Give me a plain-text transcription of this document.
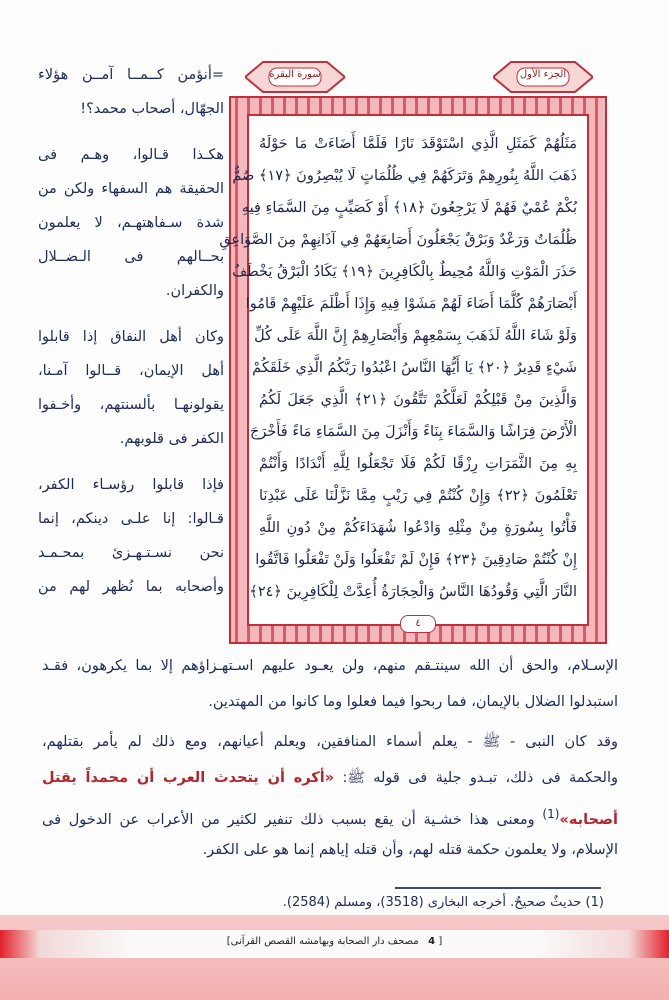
=أنؤمن كــمــا آمــن هؤلاء
الجهّال، أصحاب محمد؟!
هكـذا قـالوا، وهـم فى
الحقيقة هم السفهاء ولكن من
شدة سـفاهتهـم، لا يعلمون
بحــالهم فى الـضــلال
والكفران.
وكان أهل النفاق إذا قابلوا
أهل الإيمان، قــالوا آمـنا،
يقولونهـا بألسنتهم، وأخـفوا
الكفر فى قلوبهم.
فإذا قابلوا رؤسـاء الكفر،
قـالوا: إنا علـى دينكم، إنما
نحن نسـتـهـزئ بمحـمـد
وأصحابه بما نُظهر لهم من
سورة البقرة	الجزء الأول
مَثَلُهُمْ كَمَثَلِ الَّذِي اسْتَوْقَدَ نَارًا فَلَمَّا أَضَاءَتْ مَا حَوْلَهُ
ذَهَبَ اللَّهُ بِنُورِهِمْ وَتَرَكَهُمْ فِي ظُلُمَاتٍ لَا يُبْصِرُونَ ﴿١٧﴾ صُمٌّ
بُكْمٌ عُمْيٌ فَهُمْ لَا يَرْجِعُونَ ﴿١٨﴾ أَوْ كَصَيِّبٍ مِنَ السَّمَاءِ فِيهِ
ظُلُمَاتٌ وَرَعْدٌ وَبَرْقٌ يَجْعَلُونَ أَصَابِعَهُمْ فِي آذَانِهِمْ مِنَ الصَّوَاعِقِ
حَذَرَ الْمَوْتِ وَاللَّهُ مُحِيطٌ بِالْكَافِرِينَ ﴿١٩﴾ يَكَادُ الْبَرْقُ يَخْطَفُ
أَبْصَارَهُمْ كُلَّمَا أَضَاءَ لَهُمْ مَشَوْا فِيهِ وَإِذَا أَظْلَمَ عَلَيْهِمْ قَامُوا
وَلَوْ شَاءَ اللَّهُ لَذَهَبَ بِسَمْعِهِمْ وَأَبْصَارِهِمْ إِنَّ اللَّهَ عَلَى كُلِّ
شَيْءٍ قَدِيرٌ ﴿٢٠﴾ يَا أَيُّهَا النَّاسُ اعْبُدُوا رَبَّكُمُ الَّذِي خَلَقَكُمْ
وَالَّذِينَ مِنْ قَبْلِكُمْ لَعَلَّكُمْ تَتَّقُونَ ﴿٢١﴾ الَّذِي جَعَلَ لَكُمُ
الْأَرْضَ فِرَاشًا وَالسَّمَاءَ بِنَاءً وَأَنْزَلَ مِنَ السَّمَاءِ مَاءً فَأَخْرَجَ
بِهِ مِنَ الثَّمَرَاتِ رِزْقًا لَكُمْ فَلَا تَجْعَلُوا لِلَّهِ أَنْدَادًا وَأَنْتُمْ
تَعْلَمُونَ ﴿٢٢﴾ وَإِنْ كُنْتُمْ فِي رَيْبٍ مِمَّا نَزَّلْنَا عَلَى عَبْدِنَا
فَأْتُوا بِسُورَةٍ مِنْ مِثْلِهِ وَادْعُوا شُهَدَاءَكُمْ مِنْ دُونِ اللَّهِ
إِنْ كُنْتُمْ صَادِقِينَ ﴿٢٣﴾ فَإِنْ لَمْ تَفْعَلُوا وَلَنْ تَفْعَلُوا فَاتَّقُوا
النَّارَ الَّتِي وَقُودُهَا النَّاسُ وَالْحِجَارَةُ أُعِدَّتْ لِلْكَافِرِينَ ﴿٢٤﴾
٤
الإسـلام، والحق أن الله سينتـقم منهم، ولن يعـود عليهم اسـتهـزاؤهم إلا بما يكرهون، فقـد
استبدلوا الضلال بالإيمان، فما ربحوا فيما فعلوا وما كانوا من المهتدين.
وقد كان النبى - ﷺ - يعلم أسماء المنافقين، ويعلم أعيانهم، ومع ذلك لم يأمر بقتلهم،
والحكمة فى ذلك، تبـدو جلية فى قوله ﷺ: «أكره أن يتحدث العرب أن محمداً يقتل
أصحابه»$^{(1)}$ ومعنى هذا خشـية أن يقع بسبب ذلك تنفير لكثير من الأعراب عن الدخول فى
الإسلام، ولا يعلمون حكمة قتله لهم، وأن قتله إياهم إنما هو على الكفر.
(1) حديثٌ صحيحٌ. أخرجه البخارى (3518)، ومسلم (2584).
[ 4   مصحف دار الصحابة وبهامشه القصص القرآنى]
